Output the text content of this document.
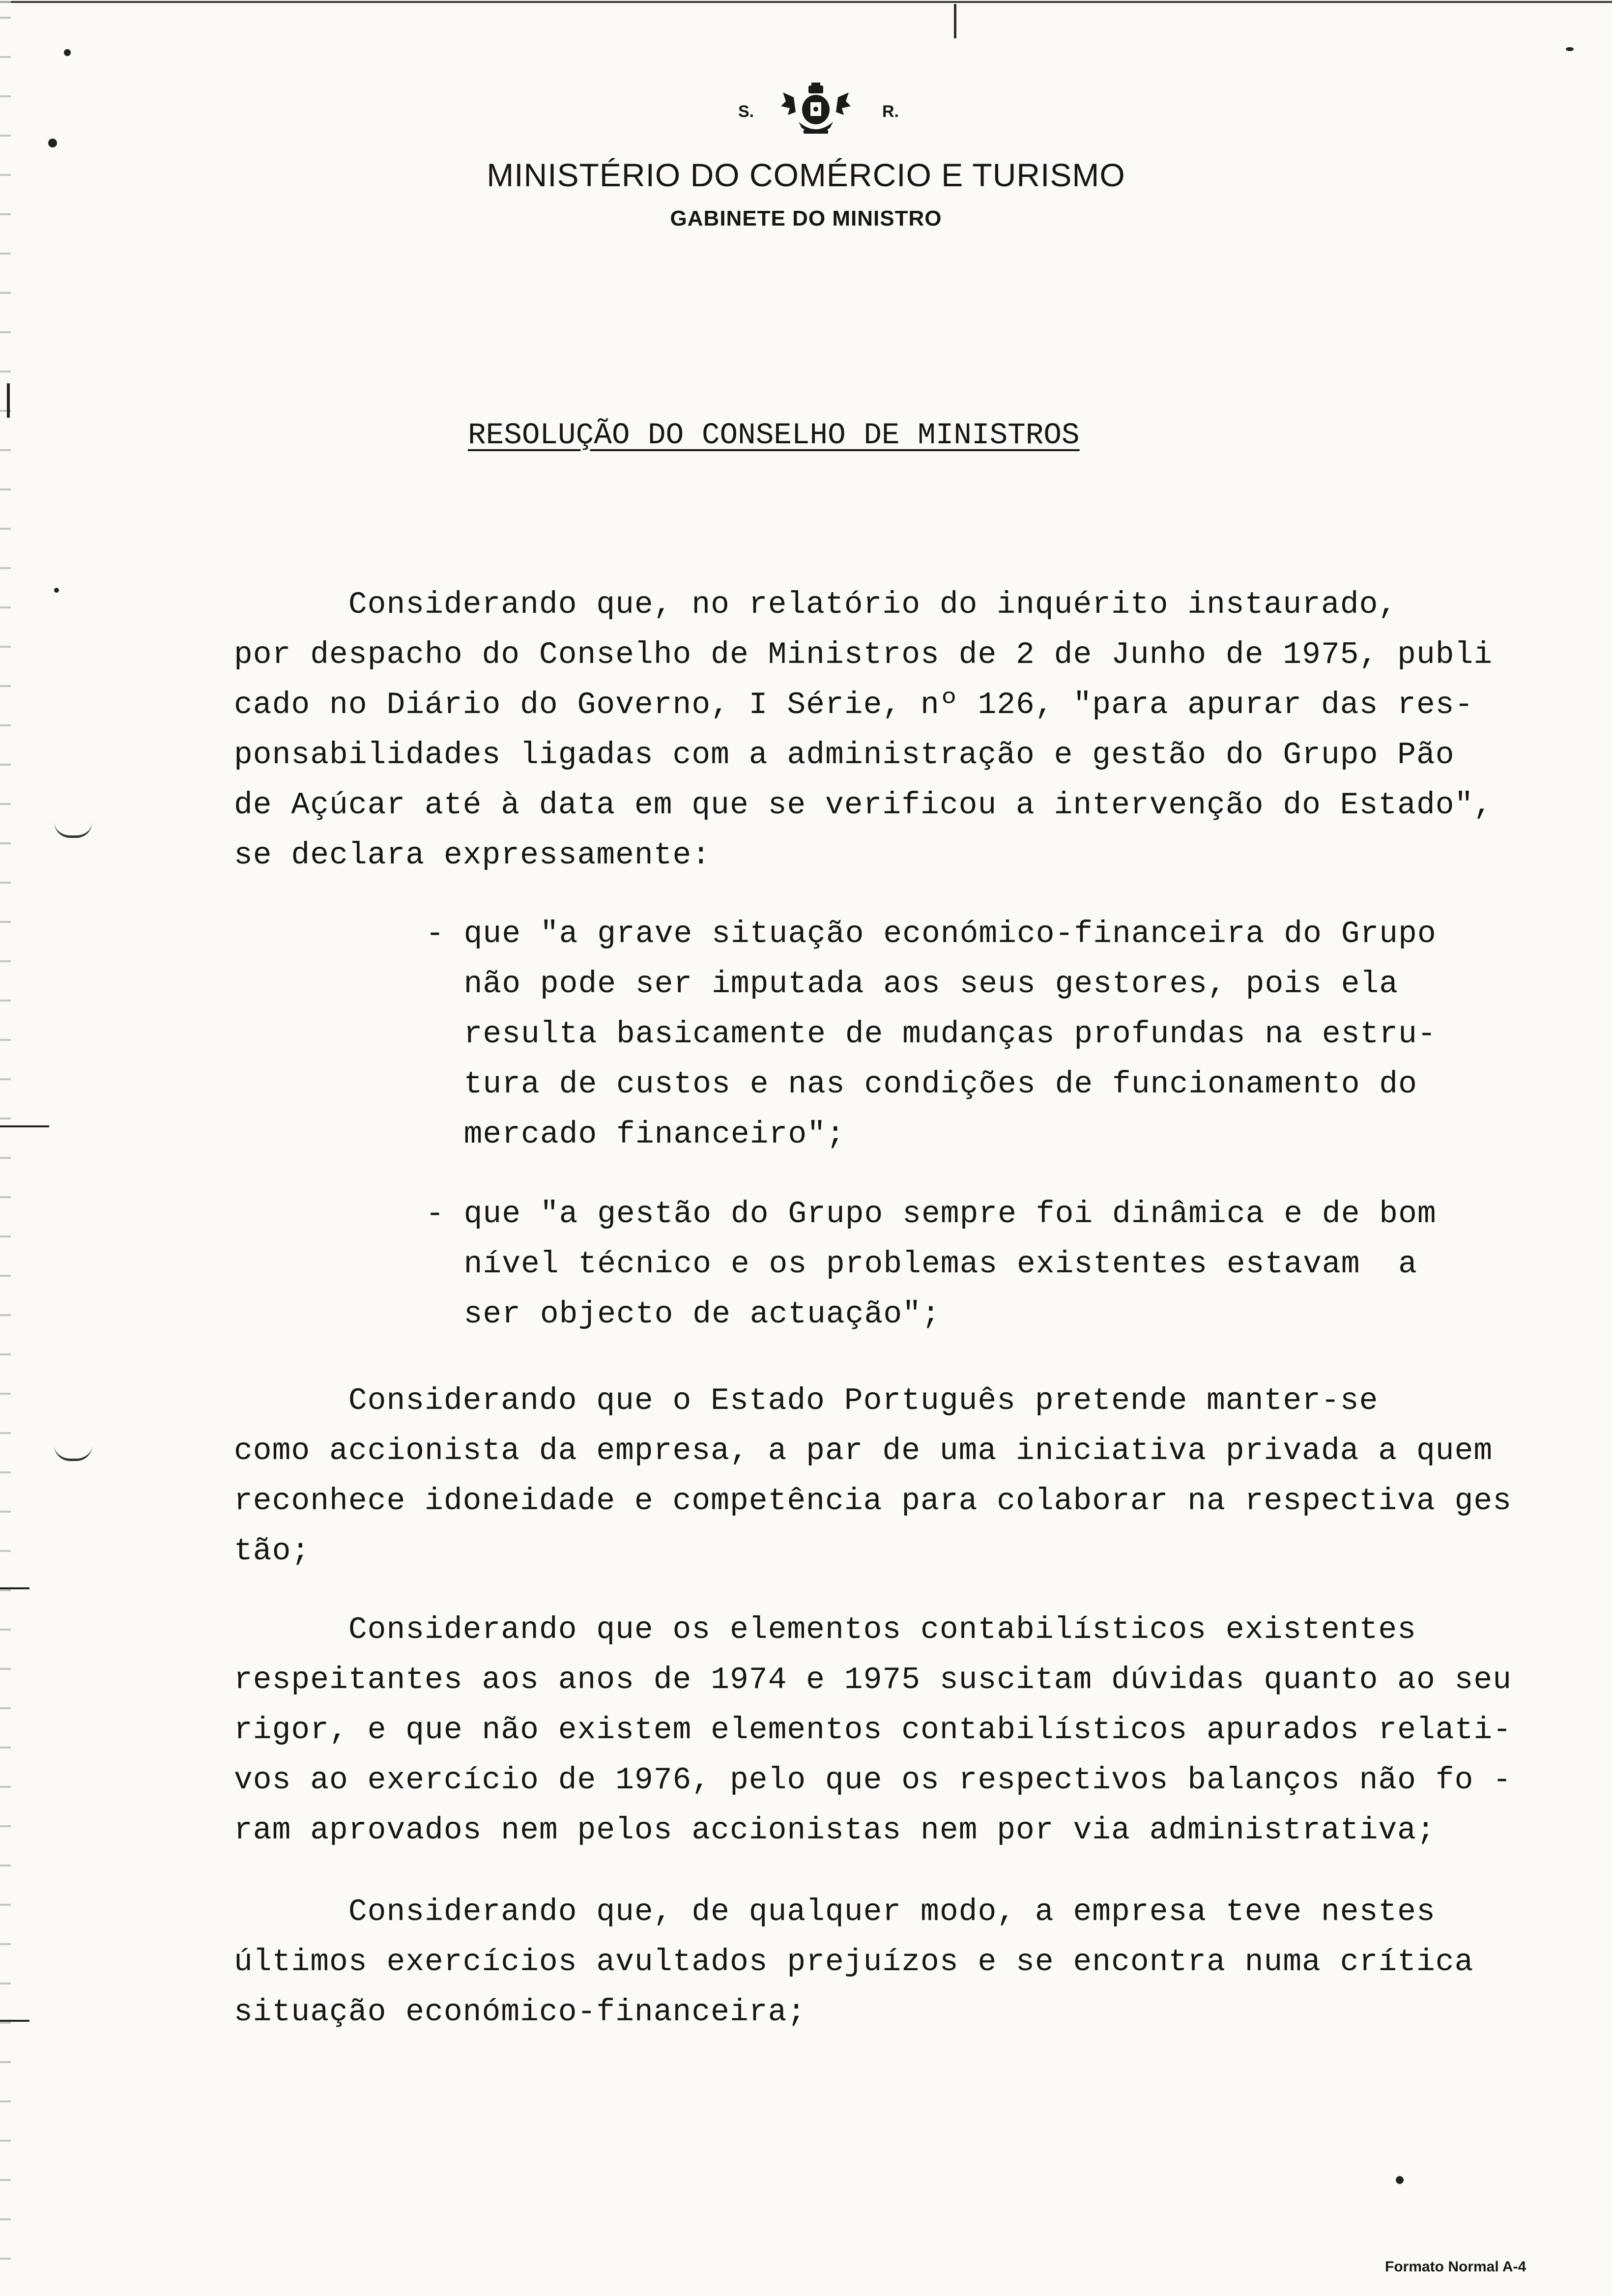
S.	R.
MINISTÉRIO DO COMÉRCIO E TURISMO
GABINETE DO MINISTRO
RESOLUÇÃO DO CONSELHO DE MINISTROS
Considerando que, no relatório do inquérito instaurado,
por despacho do Conselho de Ministros de 2 de Junho de 1975, publi
cado no Diário do Governo, I Série, nº 126, "para apurar das res-
ponsabilidades ligadas com a administração e gestão do Grupo Pão
de Açúcar até à data em que se verificou a intervenção do Estado",
se declara expressamente:
- que "a grave situação económico-financeira do Grupo
não pode ser imputada aos seus gestores, pois ela
resulta basicamente de mudanças profundas na estru-
tura de custos e nas condições de funcionamento do
mercado financeiro";
- que "a gestão do Grupo sempre foi dinâmica e de bom
nível técnico e os problemas existentes estavam  a
ser objecto de actuação";
Considerando que o Estado Português pretende manter-se
como accionista da empresa, a par de uma iniciativa privada a quem
reconhece idoneidade e competência para colaborar na respectiva ges
tão;
Considerando que os elementos contabilísticos existentes
respeitantes aos anos de 1974 e 1975 suscitam dúvidas quanto ao seu
rigor, e que não existem elementos contabilísticos apurados relati-
vos ao exercício de 1976, pelo que os respectivos balanços não fo -
ram aprovados nem pelos accionistas nem por via administrativa;
Considerando que, de qualquer modo, a empresa teve nestes
últimos exercícios avultados prejuízos e se encontra numa crítica
situação económico-financeira;
Formato Normal A-4
